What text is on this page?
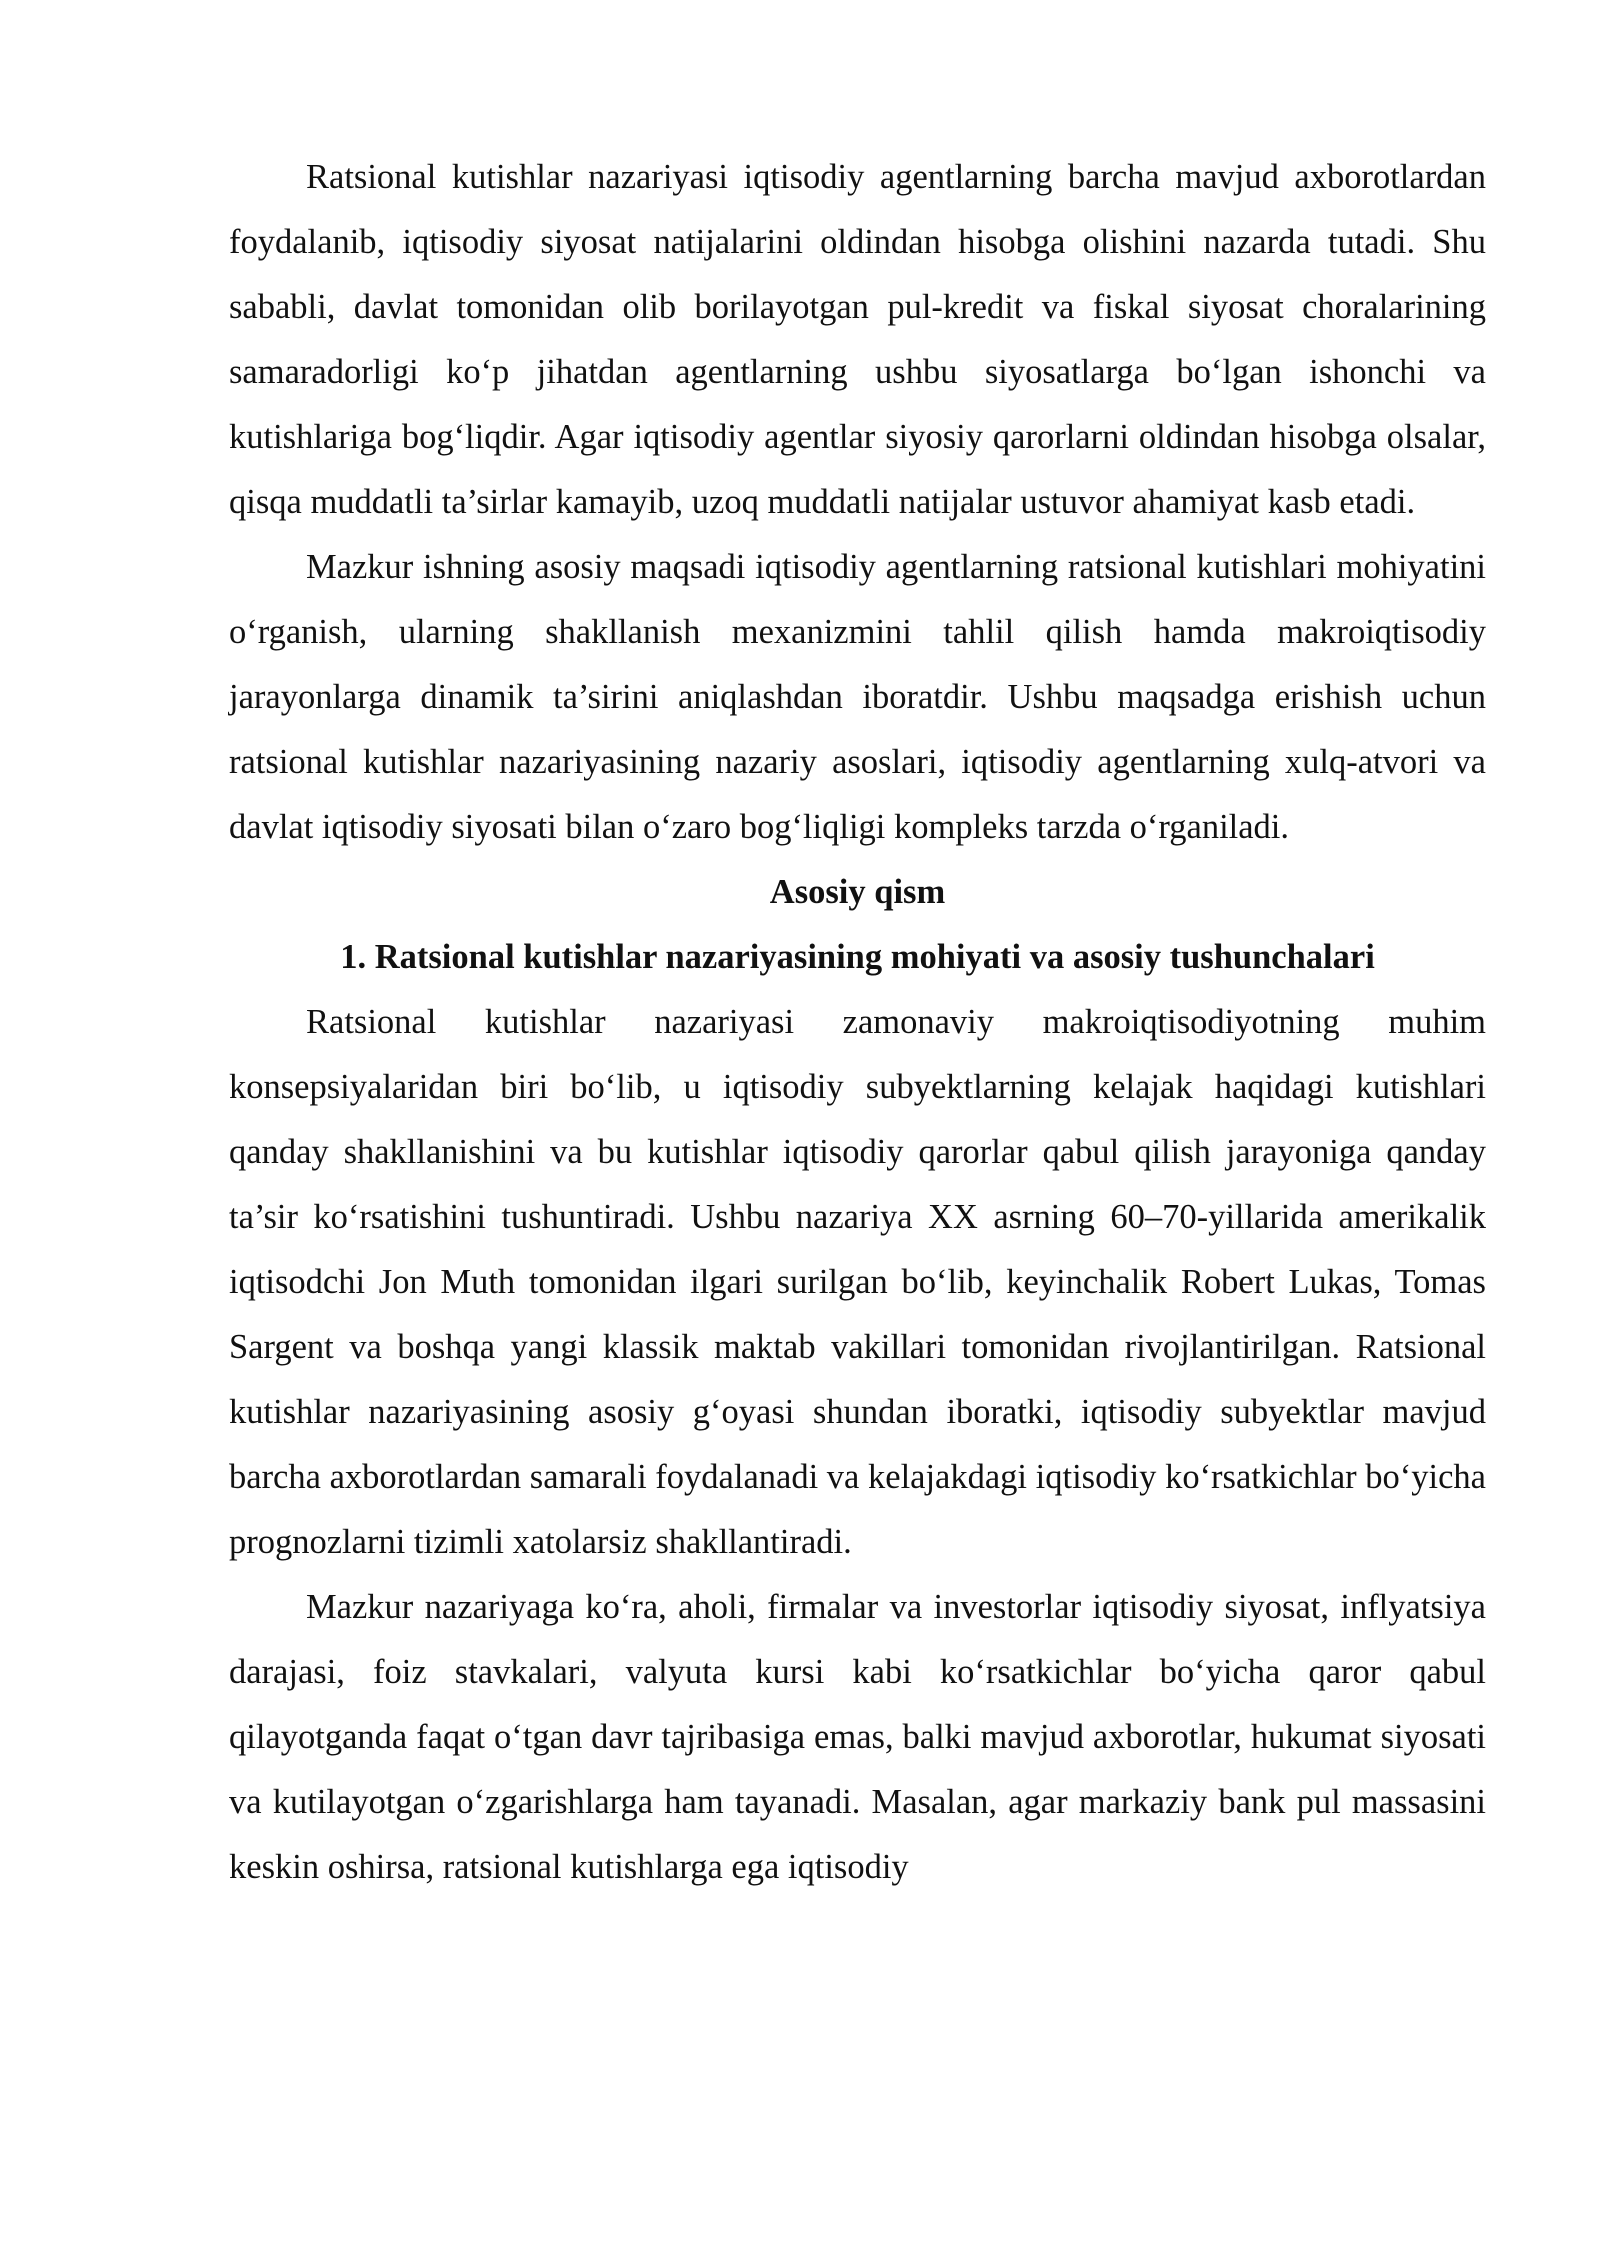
Ratsional kutishlar nazariyasi iqtisodiy agentlarning barcha mavjud axborotlardan foydalanib, iqtisodiy siyosat natijalarini oldindan hisobga olishini nazarda tutadi. Shu sababli, davlat tomonidan olib borilayotgan pul-kredit va fiskal siyosat choralarining samaradorligi ko‘p jihatdan agentlarning ushbu siyosatlarga bo‘lgan ishonchi va kutishlariga bog‘liqdir. Agar iqtisodiy agentlar siyosiy qarorlarni oldindan hisobga olsalar, qisqa muddatli ta’sirlar kamayib, uzoq muddatli natijalar ustuvor ahamiyat kasb etadi.

Mazkur ishning asosiy maqsadi iqtisodiy agentlarning ratsional kutishlari mohiyatini o‘rganish, ularning shakllanish mexanizmini tahlil qilish hamda makroiqtisodiy jarayonlarga dinamik ta’sirini aniqlashdan iboratdir. Ushbu maqsadga erishish uchun ratsional kutishlar nazariyasining nazariy asoslari, iqtisodiy agentlarning xulq-atvori va davlat iqtisodiy siyosati bilan o‘zaro bog‘liqligi kompleks tarzda o‘rganiladi.

Asosiy qism

1. Ratsional kutishlar nazariyasining mohiyati va asosiy tushunchalari

Ratsional kutishlar nazariyasi zamonaviy makroiqtisodiyotning muhim konsepsiyalaridan biri bo‘lib, u iqtisodiy subyektlarning kelajak haqidagi kutishlari qanday shakllanishini va bu kutishlar iqtisodiy qarorlar qabul qilish jarayoniga qanday ta’sir ko‘rsatishini tushuntiradi. Ushbu nazariya XX asrning 60–70-yillarida amerikalik iqtisodchi Jon Muth tomonidan ilgari surilgan bo‘lib, keyinchalik Robert Lukas, Tomas Sargent va boshqa yangi klassik maktab vakillari tomonidan rivojlantirilgan. Ratsional kutishlar nazariyasining asosiy g‘oyasi shundan iboratki, iqtisodiy subyektlar mavjud barcha axborotlardan samarali foydalanadi va kelajakdagi iqtisodiy ko‘rsatkichlar bo‘yicha prognozlarni tizimli xatolarsiz shakllantiradi.

Mazkur nazariyaga ko‘ra, aholi, firmalar va investorlar iqtisodiy siyosat, inflyatsiya darajasi, foiz stavkalari, valyuta kursi kabi ko‘rsatkichlar bo‘yicha qaror qabul qilayotganda faqat o‘tgan davr tajribasiga emas, balki mavjud axborotlar, hukumat siyosati va kutilayotgan o‘zgarishlarga ham tayanadi. Masalan, agar markaziy bank pul massasini keskin oshirsa, ratsional kutishlarga ega iqtisodiy
